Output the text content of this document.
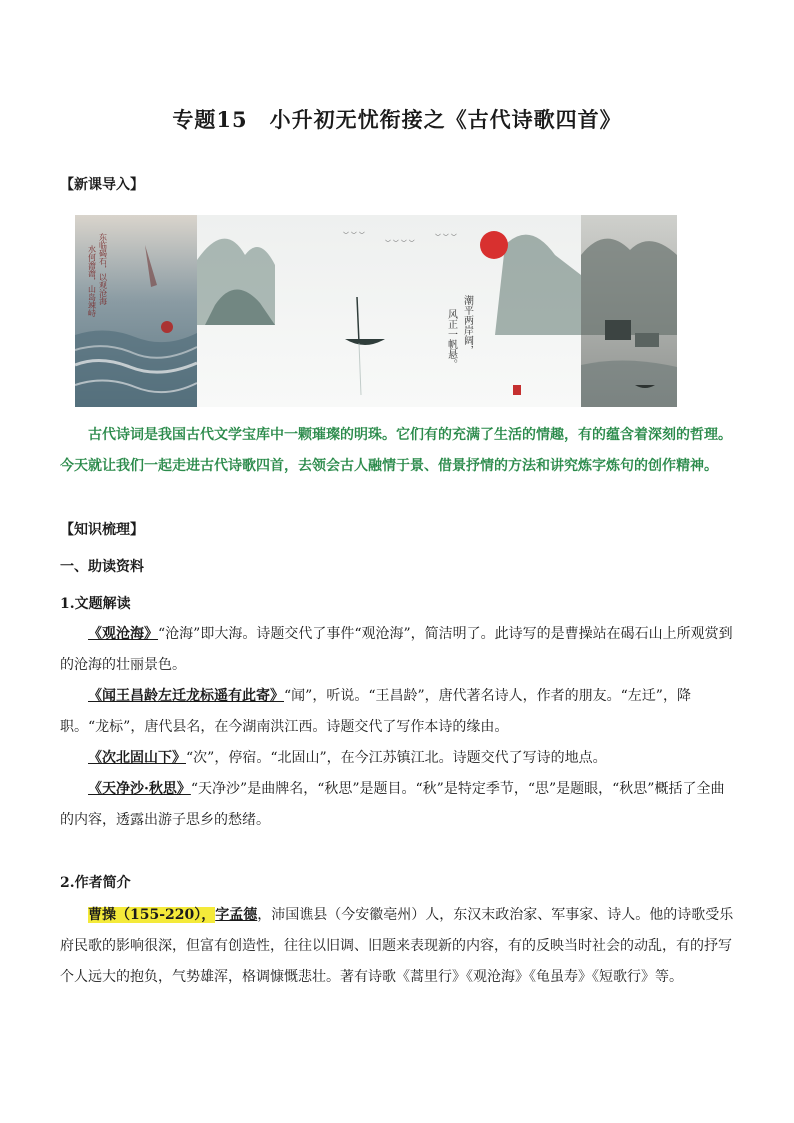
专题15　小升初无忧衔接之《古代诗歌四首》
【新课导入】
东临碣石，以观沧海
水何澹澹，山岛竦峙
︶ ︶ ︶
︶ ︶ ︶ ︶
︶ ︶ ︶
潮平两岸阔，
风正一帆悬。
古代诗词是我国古代文学宝库中一颗璀璨的明珠。它们有的充满了生活的情趣，有的蕴含着深刻的哲理。今天就让我们一起走进古代诗歌四首，去领会古人融情于景、借景抒情的方法和讲究炼字炼句的创作精神。
【知识梳理】
一、助读资料
1.文题解读
《观沧海》“沧海”即大海。诗题交代了事件“观沧海”，简洁明了。此诗写的是曹操站在碣石山上所观赏到的沧海的壮丽景色。
《闻王昌龄左迁龙标遥有此寄》“闻”，听说。“王昌龄”，唐代著名诗人，作者的朋友。“左迁”，降职。“龙标”，唐代县名，在今湖南洪江西。诗题交代了写作本诗的缘由。
《次北固山下》“次”，停宿。“北固山”，在今江苏镇江北。诗题交代了写诗的地点。
《天净沙·秋思》“天净沙”是曲牌名，“秋思”是题目。“秋”是特定季节，“思”是题眼，“秋思”概括了全曲的内容，透露出游子思乡的愁绪。
2.作者简介
曹操（155-220），字孟德，沛国谯县（今安徽亳州）人，东汉末政治家、军事家、诗人。他的诗歌受乐府民歌的影响很深，但富有创造性，往往以旧调、旧题来表现新的内容，有的反映当时社会的动乱，有的抒写个人远大的抱负，气势雄浑，格调慷慨悲壮。著有诗歌《蒿里行》《观沧海》《龟虽寿》《短歌行》等。
